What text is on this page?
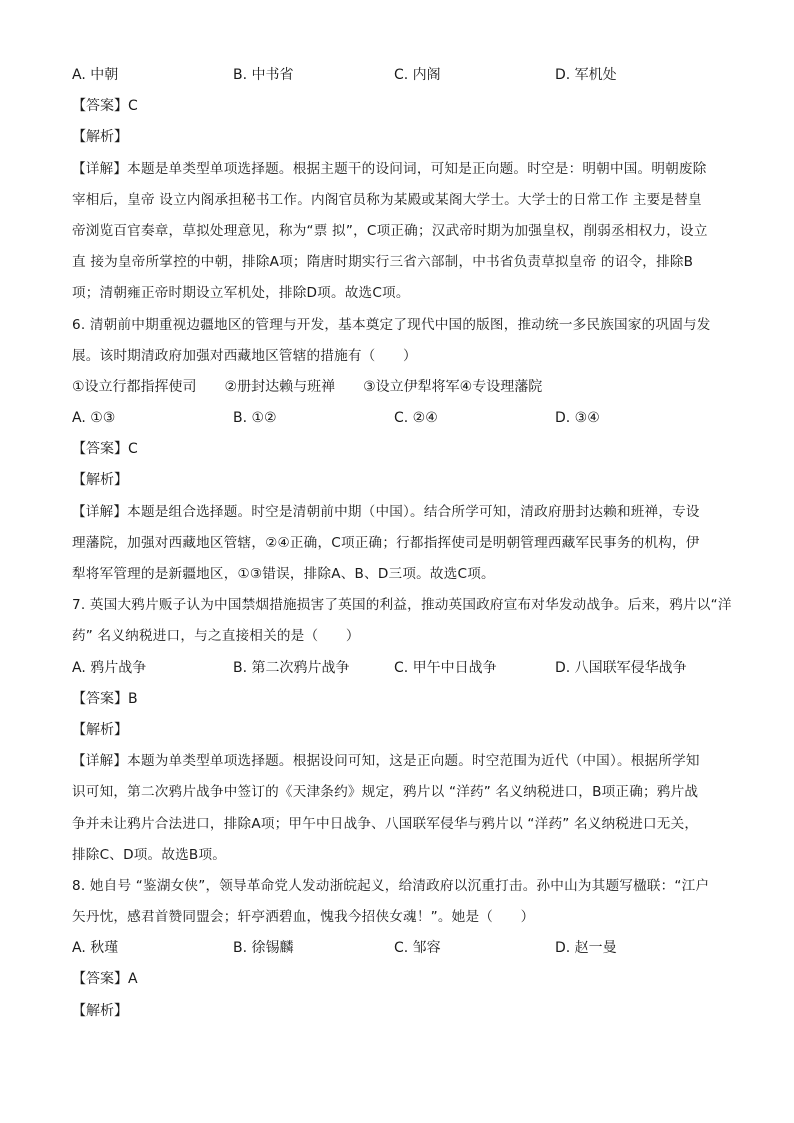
A. 中朝	B. 中书省	C. 内阁	D. 军机处
【答案】C
【解析】
【详解】本题是单类型单项选择题。根据主题干的设问词，可知是正向题。时空是：明朝中国。明朝废除
宰相后，皇帝 设立内阁承担秘书工作。内阁官员称为某殿或某阁大学士。大学士的日常工作 主要是替皇
帝浏览百官奏章，草拟处理意见，称为“票 拟”，C项正确；汉武帝时期为加强皇权，削弱丞相权力，设立
直 接为皇帝所掌控的中朝，排除A项；隋唐时期实行三省六部制，中书省负责草拟皇帝 的诏令，排除B
项；清朝雍正帝时期设立军机处，排除D项。故选C项。
6. 清朝前中期重视边疆地区的管理与开发，基本奠定了现代中国的版图，推动统一多民族国家的巩固与发
展。该时期清政府加强对西藏地区管辖的措施有（　　）
①设立行都指挥使司　　②册封达赖与班禅　　③设立伊犁将军④专设理藩院
A. ①③	B. ①②	C. ②④	D. ③④
【答案】C
【解析】
【详解】本题是组合选择题。时空是清朝前中期（中国）。结合所学可知，清政府册封达赖和班禅，专设
理藩院，加强对西藏地区管辖，②④正确，C项正确；行都指挥使司是明朝管理西藏军民事务的机构，伊
犁将军管理的是新疆地区，①③错误，排除A、B、D三项。故选C项。
7. 英国大鸦片贩子认为中国禁烟措施损害了英国的利益，推动英国政府宣布对华发动战争。后来，鸦片以“洋
药” 名义纳税进口，与之直接相关的是（　　）
A. 鸦片战争	B. 第二次鸦片战争	C. 甲午中日战争	D. 八国联军侵华战争
【答案】B
【解析】
【详解】本题为单类型单项选择题。根据设问可知，这是正向题。时空范围为近代（中国）。根据所学知
识可知，第二次鸦片战争中签订的《天津条约》规定，鸦片以 “洋药” 名义纳税进口，B项正确；鸦片战
争并未让鸦片合法进口，排除A项；甲午中日战争、八国联军侵华与鸦片以 “洋药” 名义纳税进口无关，
排除C、D项。故选B项。
8. 她自号 “鉴湖女侠”，领导革命党人发动浙皖起义，给清政府以沉重打击。孙中山为其题写楹联：“江户
矢丹忱，感君首赞同盟会；轩亭洒碧血，愧我今招侠女魂！”。她是（　　）
A. 秋瑾	B. 徐锡麟	C. 邹容	D. 赵一曼
【答案】A
【解析】
